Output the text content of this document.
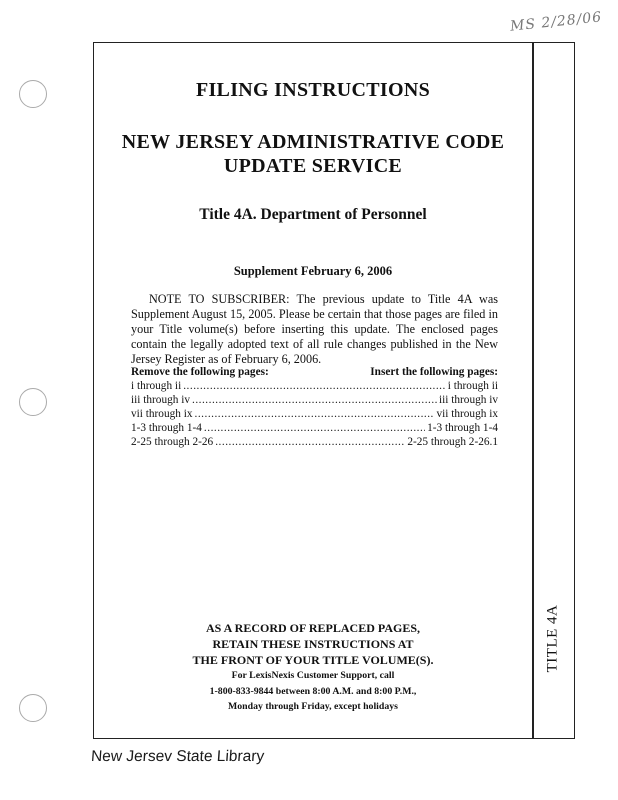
MS 2/28/06
FILING INSTRUCTIONS
NEW JERSEY ADMINISTRATIVE CODE
UPDATE SERVICE
Title 4A. Department of Personnel
Supplement February 6, 2006
NOTE TO SUBSCRIBER: The previous update to Title 4A was Supplement August 15, 2005. Please be certain that those pages are filed in your Title volume(s) before inserting this update. The enclosed pages contain the legally adopted text of all rule changes published in the New Jersey Register as of February 6, 2006.
Remove the following pages:	Insert the following pages:
i through ii .....	i through ii
iii through iv .....	iii through iv
vii through ix .....	vii through ix
1-3 through 1-4 .....	1-3 through 1-4
2-25 through 2-26 .....	2-25 through 2-26.1
AS A RECORD OF REPLACED PAGES,
RETAIN THESE INSTRUCTIONS AT
THE FRONT OF YOUR TITLE VOLUME(S).
For LexisNexis Customer Support, call
1-800-833-9844 between 8:00 A.M. and 8:00 P.M.,
Monday through Friday, except holidays
TITLE 4A
New Jersev State Library
